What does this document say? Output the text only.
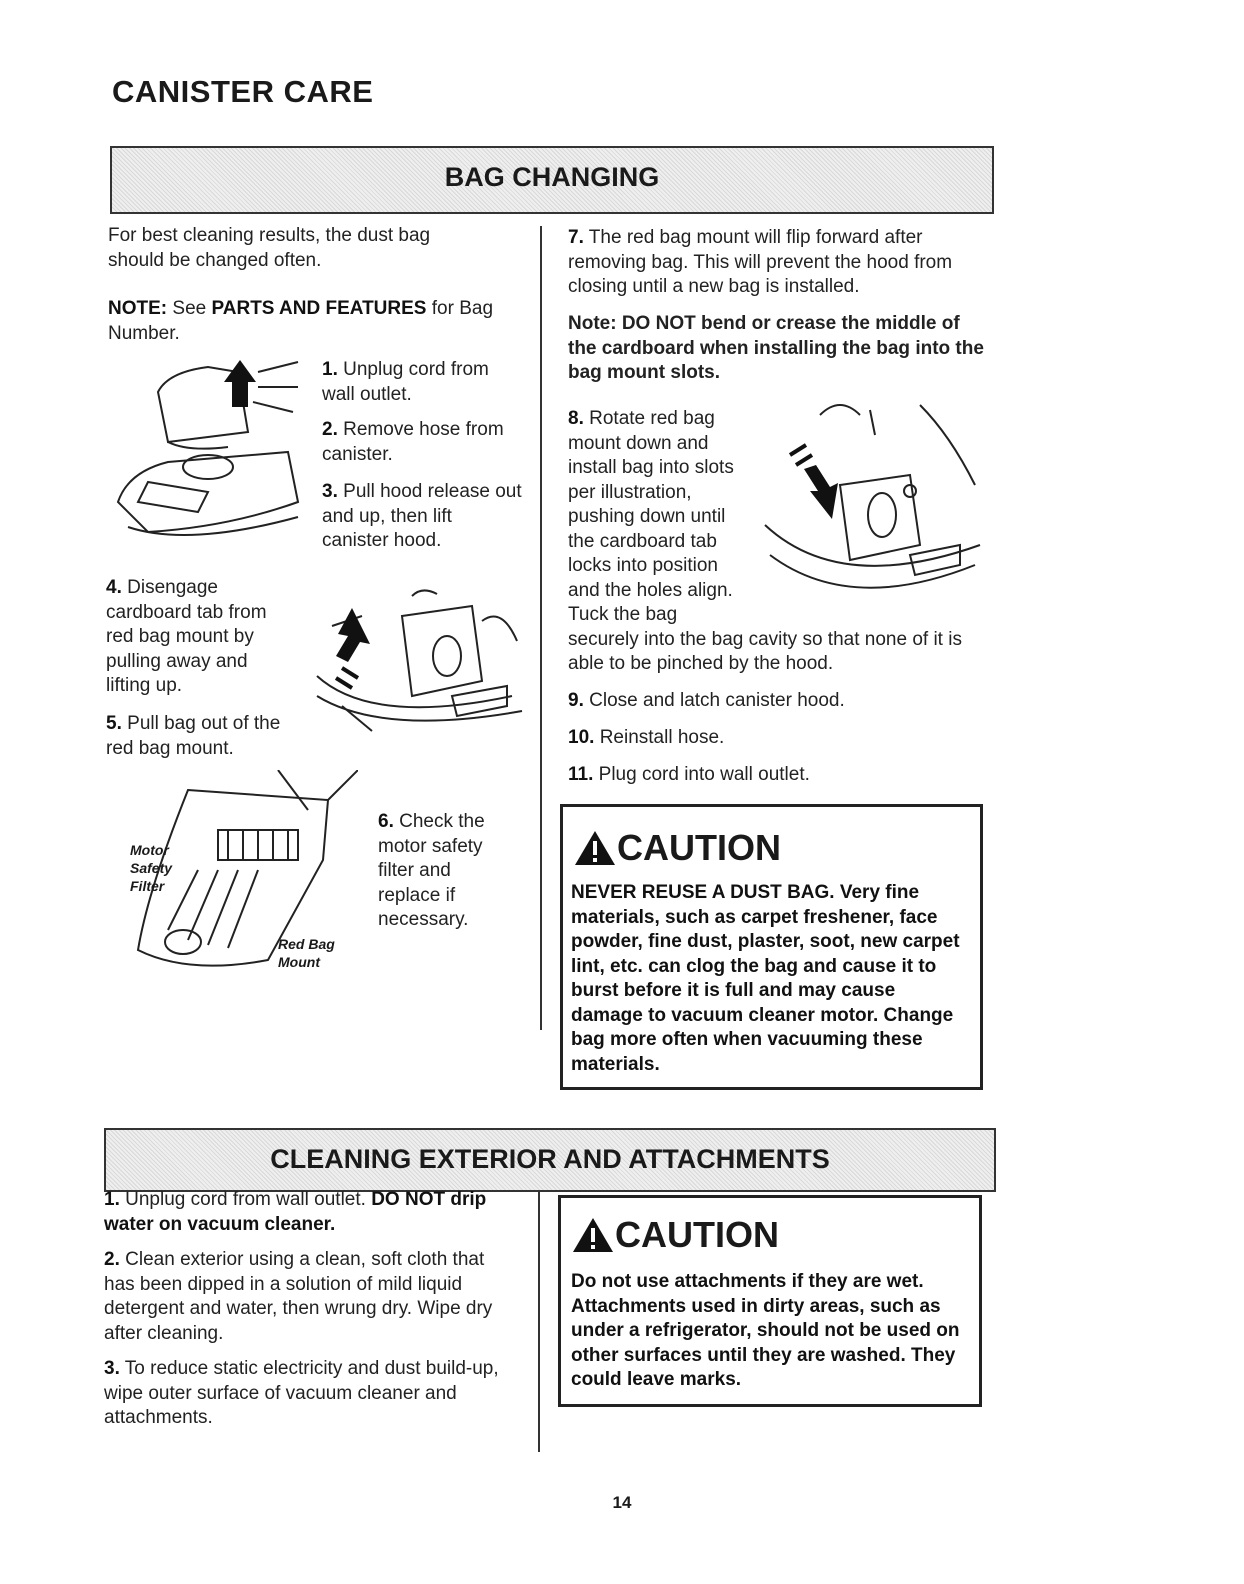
CANISTER CARE
BAG CHANGING
For best cleaning results, the dust bag should be changed often.
NOTE: See PARTS AND FEATURES for Bag Number.
1. Unplug cord from wall outlet.
2. Remove hose from canister.
3. Pull hood release out and up, then lift canister hood.
4. Disengage cardboard tab from red bag mount by pulling away and lifting up.
5. Pull bag out of the red bag mount.
Motor
Safety
Filter
Red Bag
Mount
6. Check the motor safety filter and replace if necessary.
7. The red bag mount will flip forward after removing bag. This will prevent the hood from closing until a new bag is installed.
Note: DO NOT bend or crease the middle of the cardboard when installing the bag into the bag mount slots.
8. Rotate red bag mount down and install bag into slots per illustration, pushing down until the cardboard tab locks into position and the holes align. Tuck the bag securely into the bag cavity so that none of it is able to be pinched by the hood.
9. Close and latch canister hood.
10. Reinstall hose.
11. Plug cord into wall outlet.
CAUTION
NEVER REUSE A DUST BAG. Very fine materials, such as carpet freshener, face powder, fine dust, plaster, soot, new carpet lint, etc. can clog the bag and cause it to burst before it is full and may cause damage to vacuum cleaner motor. Change bag more often when vacuuming these materials.
CLEANING EXTERIOR AND ATTACHMENTS
1. Unplug cord from wall outlet. DO NOT drip water on vacuum cleaner.
2. Clean exterior using a clean, soft cloth that has been dipped in a solution of mild liquid detergent and water, then wrung dry. Wipe dry after cleaning.
3. To reduce static electricity and dust build-up, wipe outer surface of vacuum cleaner and attachments.
CAUTION
Do not use attachments if they are wet. Attachments used in dirty areas, such as under a refrigerator, should not be used on other surfaces until they are washed. They could leave marks.
14
